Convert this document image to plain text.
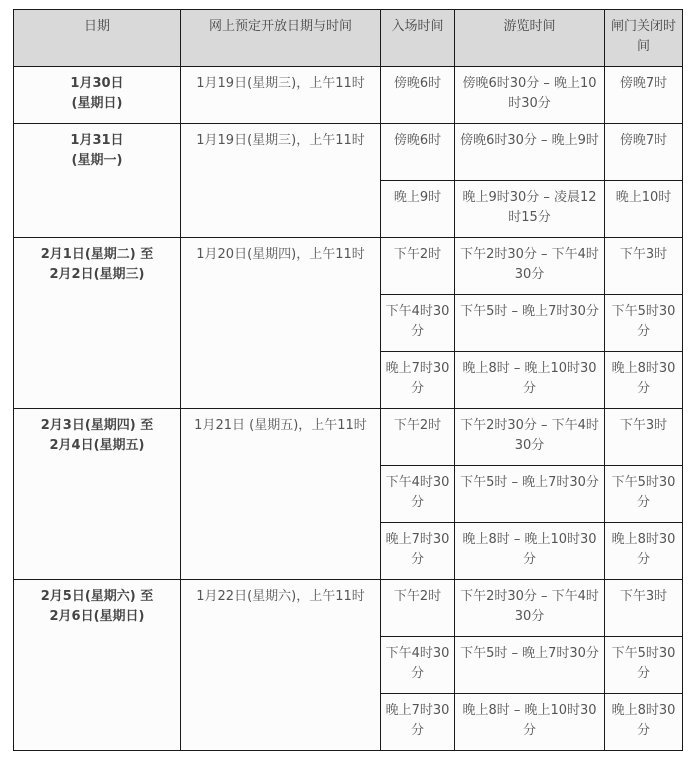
日期	网上预定开放日期与时间	入场时间	游览时间	闸门关闭时间

1月30日
(星期日)	1月19日(星期三)，上午11时	傍晚6时	傍晚6时30分 – 晚上10时30分	傍晚7时

1月31日
(星期一)	1月19日(星期三)，上午11时	傍晚6时	傍晚6时30分 – 晚上9时	傍晚7时
		晚上9时	晚上9时30分 – 凌晨12时15分	晚上10时

2月1日(星期二) 至
2月2日(星期三)	1月20日(星期四)，上午11时	下午2时	下午2时30分 – 下午4时30分	下午3时
		下午4时30分	下午5时 – 晚上7时30分	下午5时30分
		晚上7时30分	晚上8时 – 晚上10时30分	晚上8时30分

2月3日(星期四) 至
2月4日(星期五)	1月21日 (星期五)，上午11时	下午2时	下午2时30分 – 下午4时30分	下午3时
		下午4时30分	下午5时 – 晚上7时30分	下午5时30分
		晚上7时30分	晚上8时 – 晚上10时30分	晚上8时30分

2月5日(星期六) 至
2月6日(星期日)	1月22日(星期六)，上午11时	下午2时	下午2时30分 – 下午4时30分	下午3时
		下午4时30分	下午5时 – 晚上7时30分	下午5时30分
		晚上7时30分	晚上8时 – 晚上10时30分	晚上8时30分
